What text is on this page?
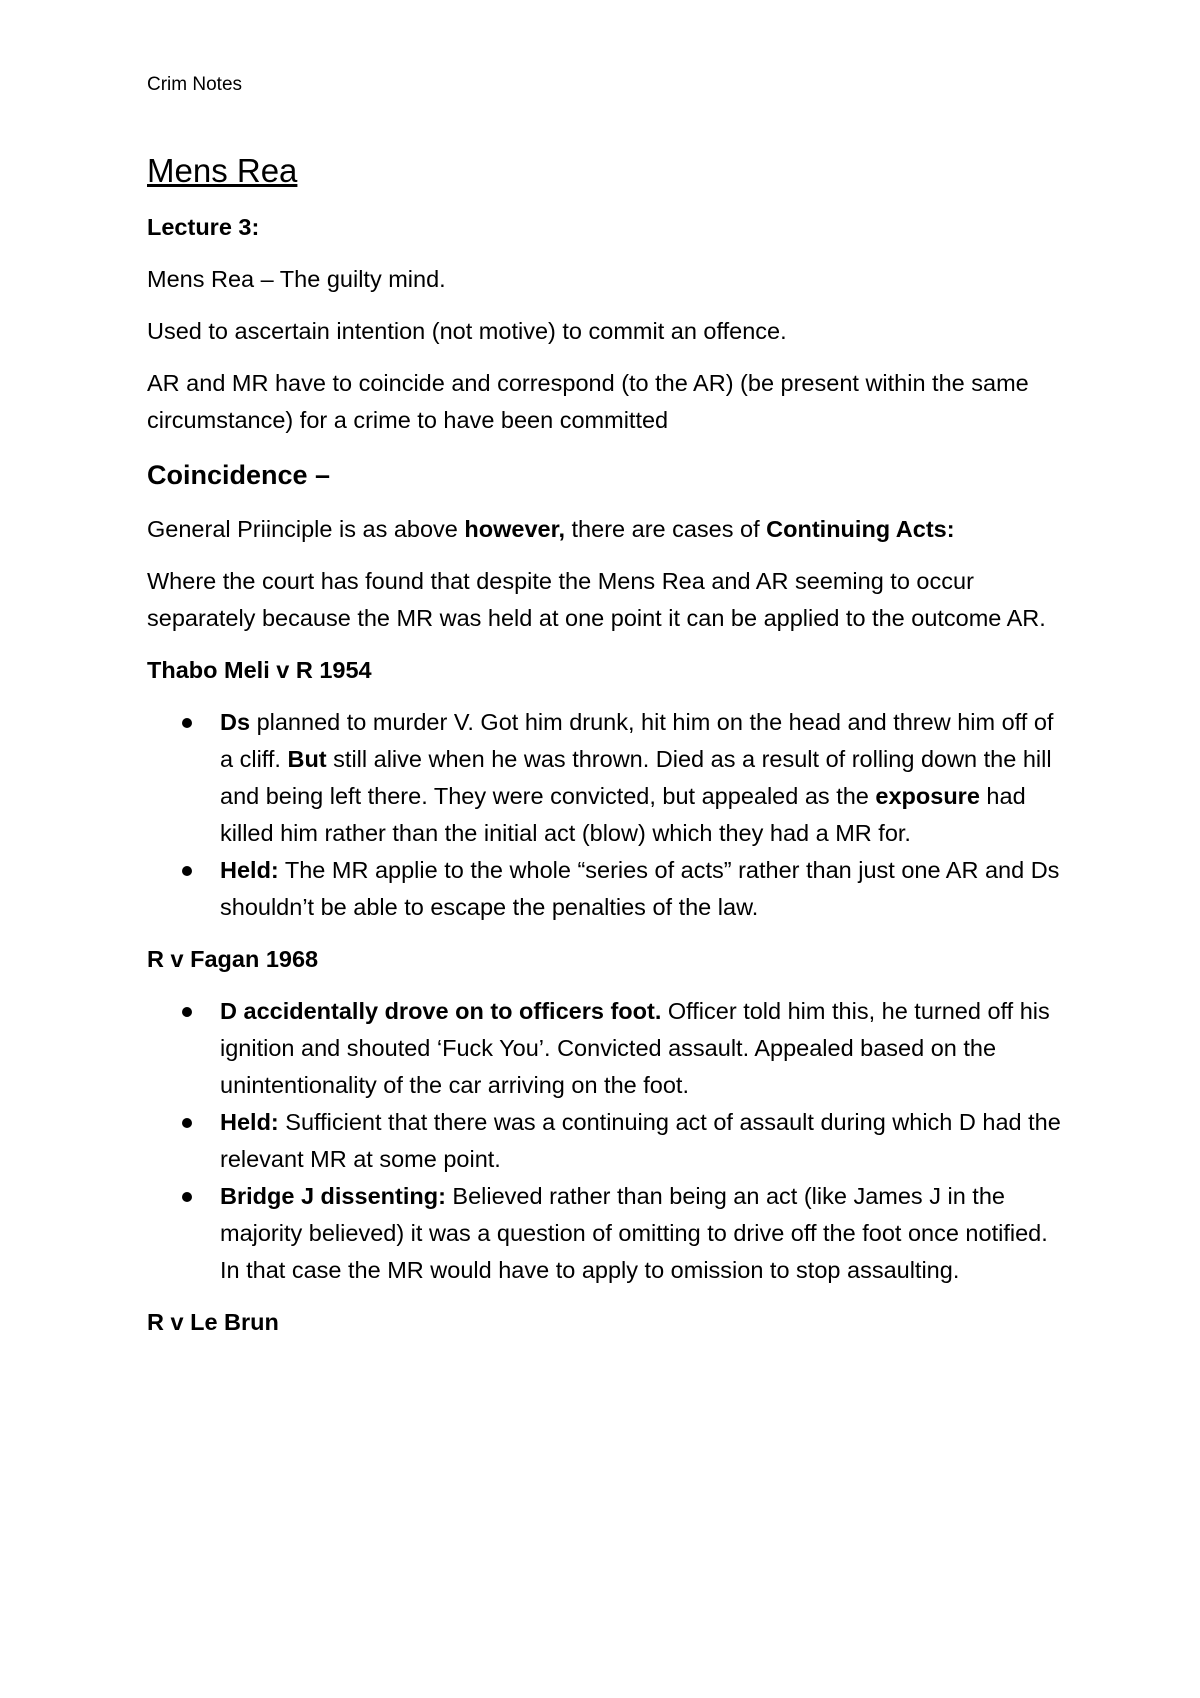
Crim Notes

Mens Rea

Lecture 3:

Mens Rea – The guilty mind.

Used to ascertain intention (not motive) to commit an offence.

AR and MR have to coincide and correspond (to the AR) (be present within the same circumstance) for a crime to have been committed

Coincidence –

General Priinciple is as above however, there are cases of Continuing Acts:

Where the court has found that despite the Mens Rea and AR seeming to occur separately because the MR was held at one point it can be applied to the outcome AR.

Thabo Meli v R 1954

Ds planned to murder V. Got him drunk, hit him on the head and threw him off of a cliff. But still alive when he was thrown. Died as a result of rolling down the hill and being left there. They were convicted, but appealed as the exposure had killed him rather than the initial act (blow) which they had a MR for.
Held: The MR applie to the whole “series of acts” rather than just one AR and Ds shouldn’t be able to escape the penalties of the law.

R v Fagan 1968

D accidentally drove on to officers foot. Officer told him this, he turned off his ignition and shouted ‘Fuck You’. Convicted assault. Appealed based on the unintentionality of the car arriving on the foot.
Held: Sufficient that there was a continuing act of assault during which D had the relevant MR at some point.
Bridge J dissenting: Believed rather than being an act (like James J in the majority believed) it was a question of omitting to drive off the foot once notified. In that case the MR would have to apply to omission to stop assaulting.

R v Le Brun
